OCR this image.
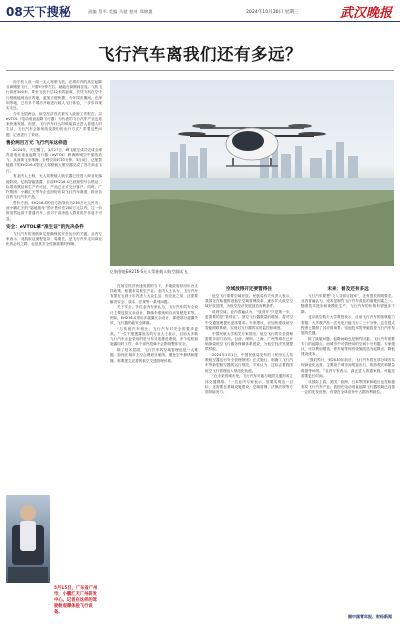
08天下搜秘	责编 蔡军 美编 马超 校对 郑锦惠	2024年10月30日 星期三	武汉晚报
飞行汽车离我们还有多远？

同不机入设一面一无人驾驶飞机，在城市内的高空起降点商圈里飞行，只需5分钟左右，就能在商圈间往返。飞机飞行高度300米，乘坐飞机不过12米的距离，仅凭飞机在空中行驶就能到达目的地，更加方便快捷。今年国庆期间，在深圳等地，已有多个城市开始进行载人飞行体验，一步步向现实走近。

今年全国两会，低空经济首次被写入政府工作报告。以eVTOL（电动垂直起降飞行器）为代表的飞行汽车产业也迎来快速发展。但是，飞行汽车什么时候能真正进入普通人的生活，飞行汽车会如何改变我们的出行方式？带着这些问题，记者进行了采访。

售价两百万元 飞行汽车这样造

2024年，天空醒了。3月27日，峰飞航空成功完成全球首条电动垂直起降飞行器（eVTOL）跨海跨城空中航线首飞，从深圳飞至珠海，全程仅用时20分钟。3月4日，亿航智能旗下的EH216-S型无人驾驶载人航空器完成了首次商业飞行。

有业内人士称，无人驾驶载人航空器已经进入商业化落地阶段。亿航智能透露，目前EH216-S已获颁型号合格证、标准适航证和生产许可证，产品已正式交付客户。同时，广汽集团、小鹏汇天等车企也纷纷布局飞行汽车赛道，推出各自的飞行汽车产品。

售价方面，EH216-S的官方指导价为239万元人民币；而小鹏汇天的“陆地航母”预计售价在200万元以内。这一价格虽然远高于普通汽车，但对于高净值人群来说并非遥不可及。

安全：eVTOL拿“准生证”的先决条件

飞行汽车的适航审定是确保其安全运行的关键。业内专家表示，适航取证流程复杂、周期长，是飞行汽车走向商业化的必经之路，也是其安全性最重要的保障。

亿航智能EH216-S无人驾驶载人航空器试飞。

在低空经济快速发展的当下，多地政府纷纷出台支持政策，积极布局低空产业。业内人士认为，飞行汽车有望在五到十年内进入大众生活，但在此之前，还需要解决安全、成本、法规等一系列问题。

关于安全，多位业内专家认为，飞行汽车的安全设计主要包括冗余设计、降落伞系统和自动驾驶技术等。例如，EH216-S采用多旋翼冗余设计，即使部分旋翼失效，飞行器仍能安全降落。

“与传统汽车相比，飞行汽车对安全的要求更高。”一位不愿透露姓名的行业人士表示，目前大多数飞行汽车企业采用的是分布式电推进系统，多个电机和旋翼同时工作，单个部件故障不会影响整体安全。

除了技术层面，飞行汽车的空域管理也是一大难题。如何在城市上空合理划分航线、避免空中拥堵和碰撞，需要建立完善的低空交通管理体系。

空域放得开还要管得住

低空飞行需要空域开放。民航局有关负责人表示，我国正在积极推进低空空域管理改革，逐步扩大低空空域开放范围，为低空经济发展创造有利条件。

说到空域，业内普遍认为，“放得开”只是第一步，更重要的是“管得住”。低空飞行器数量的增加，将对空中交通管理提出更高要求。专家建议，应加快建设低空智能网联系统，实现对飞行器的实时监控和调度。

中国民航大学相关专家指出，低空飞行的安全管理需要多部门协同。目前，深圳、上海、广州等城市已开始探索低空飞行服务保障体系建设，为低空经济发展提供样板。

2024年1月1日，中国民航局发布的《民用无人驾驶航空器运行安全管理规则》正式施行，明确了飞行汽车等新型航空器的运行规范。专家认为，这标志着我国低空飞行管理迈入规范化轨道。

“在未来的城市里，飞行汽车可能与地面交通形成立体交通网络。”一位业内专家表示，但要实现这一目标，还需要在基础设施建设、空域管理、法律法规等方面持续发力。

未来：普及还有多远

飞行汽车要想“飞入寻常百姓家”，还有很长的路要走。业内普遍认为，成本是制约飞行汽车普及的重要因素之一。随着技术进步和规模化生产，飞行汽车的价格有望逐步下降。

北京航空航天大学教授表示，目前飞行汽车的续航能力有限，大多数产品一次充电只能飞行二三十分钟，这在很大程度上限制了其应用场景。电池技术的突破将是飞行汽车发展的关键。

除了续航问题，起降场地也是制约因素。飞行汽车需要专门的起降点，而城市中可供使用的空间十分有限。专家建议，可以利用楼顶、停车场等现有设施改造为起降点，降低建设成本。

“我们预计，到2030年前后，飞行汽车将在部分城市实现商业化运营，主要用于城市间短途出行、旅游观光和紧急救援等场景。”业内专家表示，真正进入普通家庭，可能还需要更长时间。

从国际上看，美国、欧洲、日本等国家和地区也在积极布局飞行汽车产业。我国在电动垂直起降飞行器领域已具备一定的先发优势，有望在全球竞争中占据有利地位。

5月15日，广东省广州市，小鹏汇天广州研发中心。记者在这样的驾驶舱观摩体验飞行设备。
据中国青年报、财经新闻
